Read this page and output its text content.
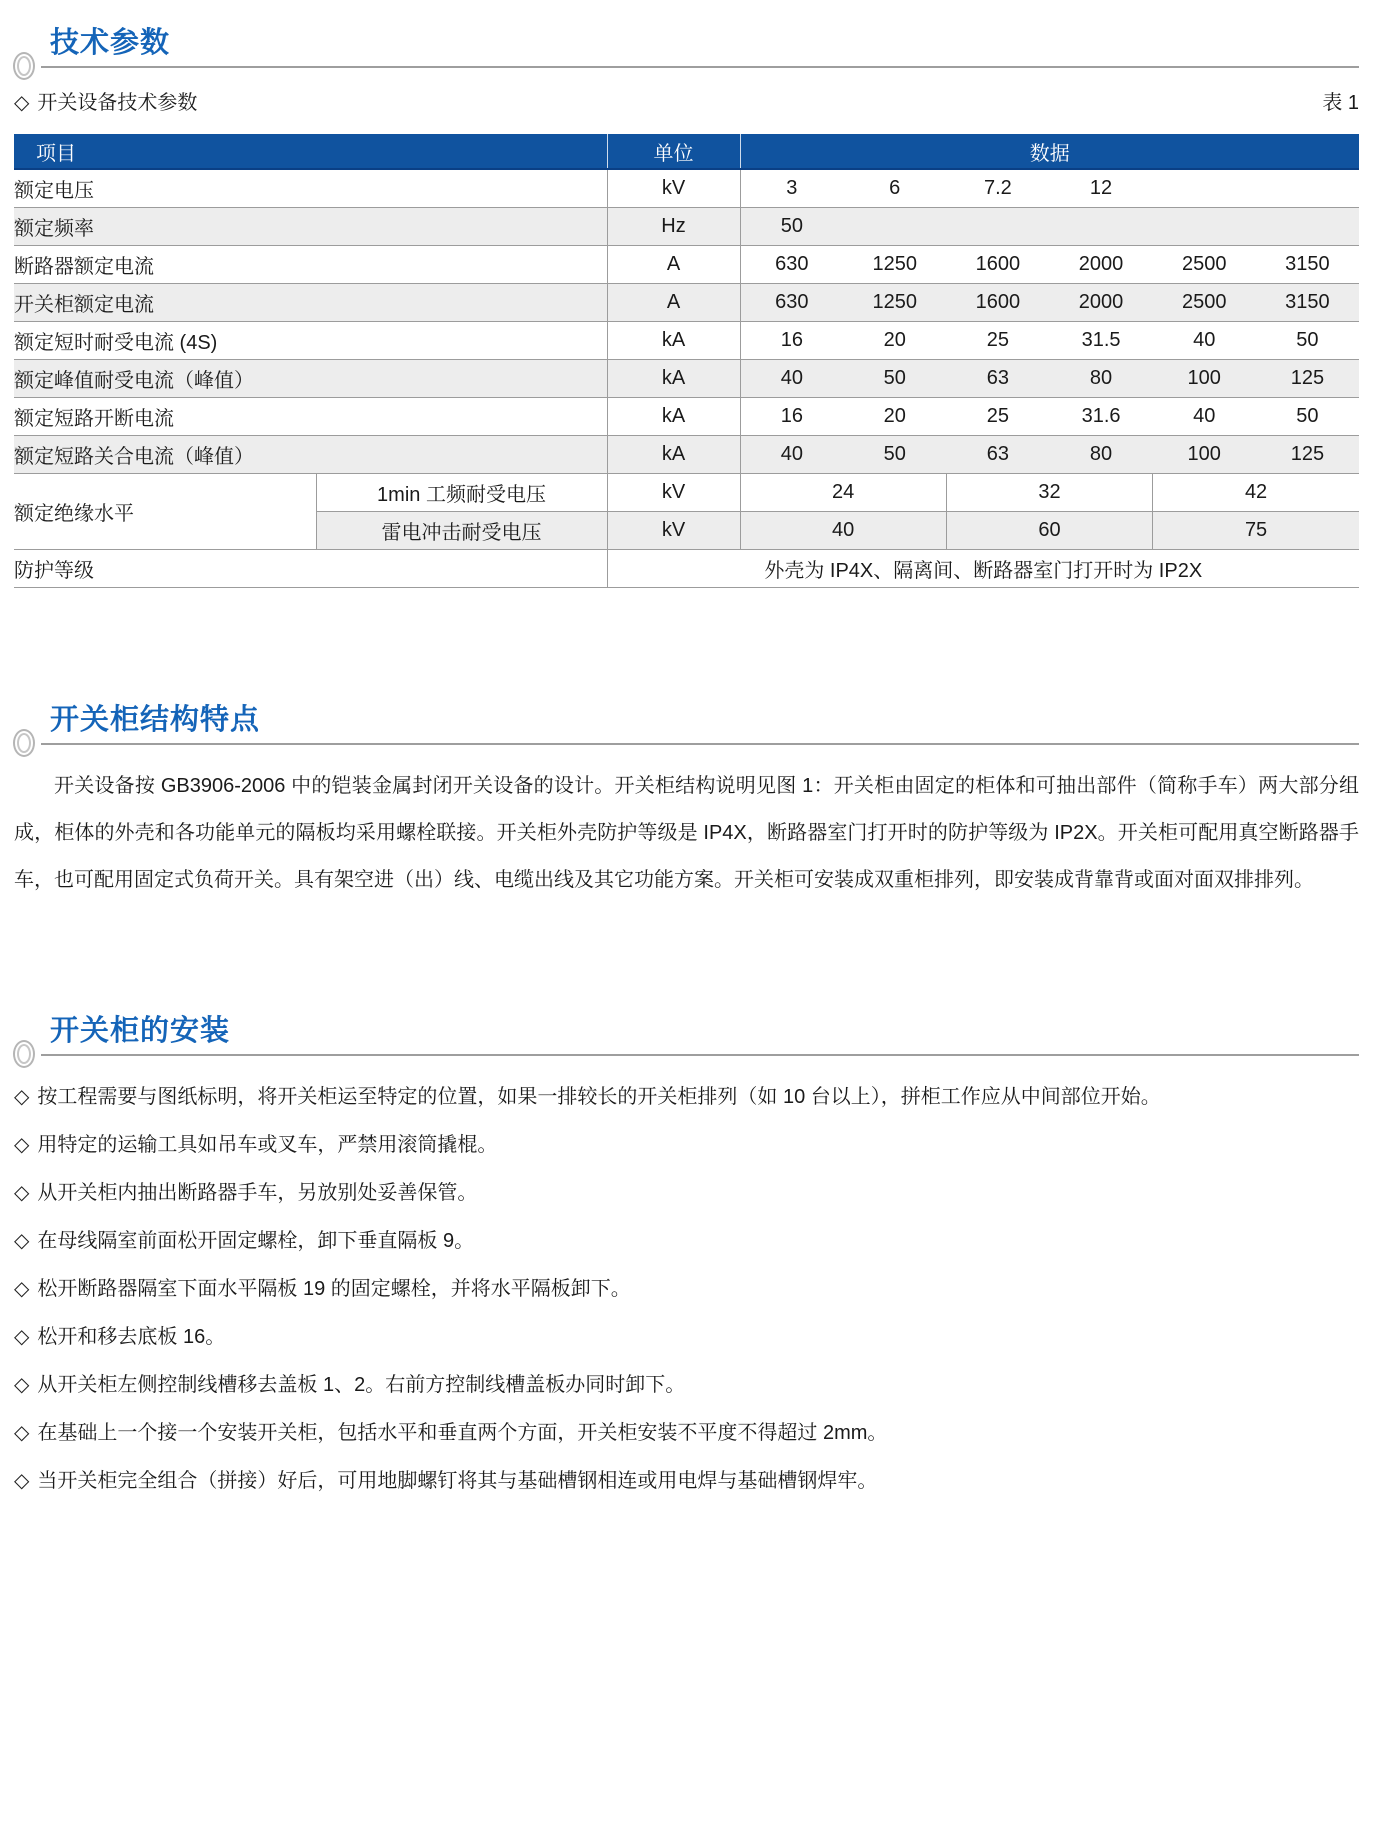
技术参数
◇ 开关设备技术参数	表 1
项目		单位	数据					
额定电压		kV	3	6	7.2	12		
额定频率		Hz	50					
断路器额定电流		A	630	1250	1600	2000	2500	3150
开关柜额定电流		A	630	1250	1600	2000	2500	3150
额定短时耐受电流 (4S)		kA	16	20	25	31.5	40	50
额定峰值耐受电流（峰值）		kA	40	50	63	80	100	125
额定短路开断电流		kA	16	20	25	31.6	40	50
额定短路关合电流（峰值）		kA	40	50	63	80	100	125
额定绝缘水平	1min 工频耐受电压	kV	24		32		42	
	雷电冲击耐受电压	kV	40		60		75	
防护等级		外壳为 IP4X、隔离间、断路器室门打开时为 IP2X						
开关柜结构特点

开关设备按 GB3906-2006 中的铠装金属封闭开关设备的设计。开关柜结构说明见图 1：开关柜由固定的柜体和可抽出部件（简称手车）两大部分组成，柜体的外壳和各功能单元的隔板均采用螺栓联接。开关柜外壳防护等级是 IP4X，断路器室门打开时的防护等级为 IP2X。开关柜可配用真空断路器手车，也可配用固定式负荷开关。具有架空进（出）线、电缆出线及其它功能方案。开关柜可安装成双重柜排列，即安装成背靠背或面对面双排排列。

开关柜的安装
◇ 按工程需要与图纸标明，将开关柜运至特定的位置，如果一排较长的开关柜排列（如 10 台以上），拼柜工作应从中间部位开始。
◇ 用特定的运输工具如吊车或叉车，严禁用滚筒撬棍。
◇ 从开关柜内抽出断路器手车，另放别处妥善保管。
◇ 在母线隔室前面松开固定螺栓，卸下垂直隔板 9。
◇ 松开断路器隔室下面水平隔板 19 的固定螺栓，并将水平隔板卸下。
◇ 松开和移去底板 16。
◇ 从开关柜左侧控制线槽移去盖板 1、2。右前方控制线槽盖板办同时卸下。
◇ 在基础上一个接一个安装开关柜，包括水平和垂直两个方面，开关柜安装不平度不得超过 2mm。
◇ 当开关柜完全组合（拼接）好后，可用地脚螺钉将其与基础槽钢相连或用电焊与基础槽钢焊牢。
